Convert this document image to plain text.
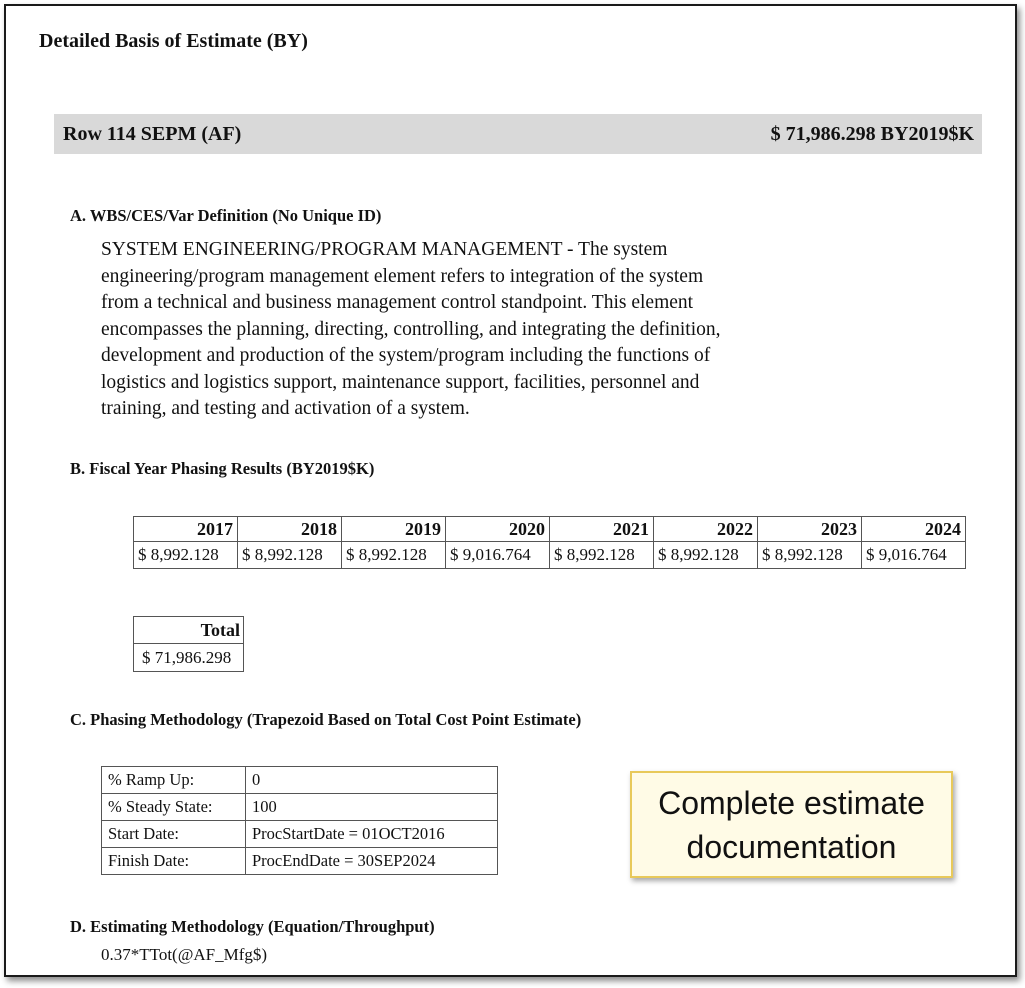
Detailed Basis of Estimate (BY)
Row 114 SEPM (AF)	$ 71,986.298 BY2019$K
A. WBS/CES/Var Definition (No Unique ID)
SYSTEM ENGINEERING/PROGRAM MANAGEMENT - The system
engineering/program management element refers to integration of the system
from a technical and business management control standpoint. This element
encompasses the planning, directing, controlling, and integrating the definition,
development and production of the system/program including the functions of
logistics and logistics support, maintenance support, facilities, personnel and
training, and testing and activation of a system.
B. Fiscal Year Phasing Results (BY2019$K)
2017	2018	2019	2020	2021	2022	2023	2024
$ 8,992.128	$ 8,992.128	$ 8,992.128	$ 9,016.764	$ 8,992.128	$ 8,992.128	$ 8,992.128	$ 9,016.764
Total
$ 71,986.298
C. Phasing Methodology (Trapezoid Based on Total Cost Point Estimate)
% Ramp Up:	0
% Steady State:	100
Start Date:	ProcStartDate = 01OCT2016
Finish Date:	ProcEndDate = 30SEP2024
Complete estimate
documentation
D. Estimating Methodology (Equation/Throughput)
0.37*TTot(@AF_Mfg$)
